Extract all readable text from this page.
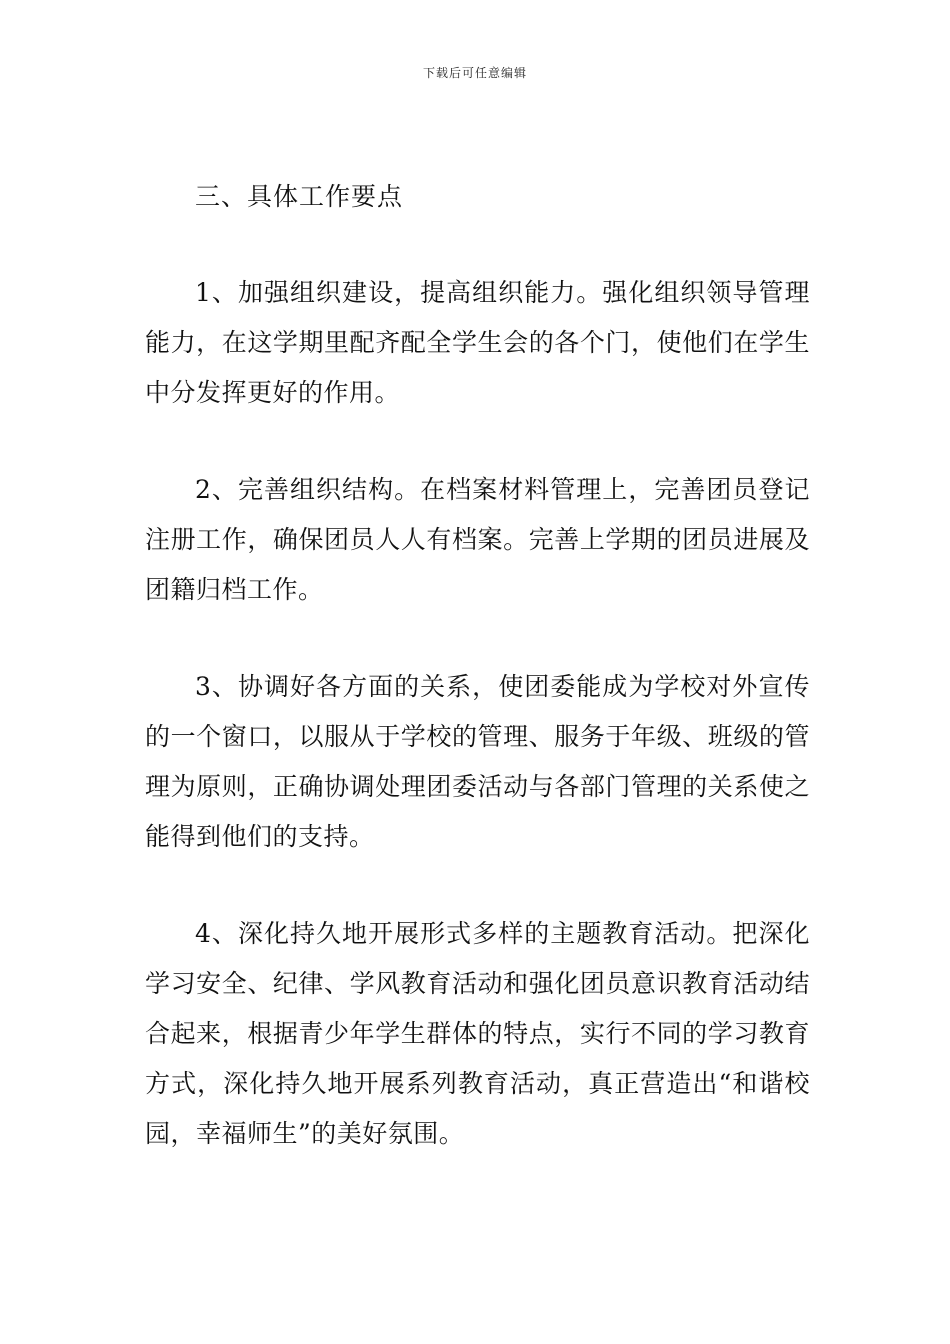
下载后可任意编辑
三、具体工作要点

1、加强组织建设，提高组织能力。强化组织领导管理能力，在这学期里配齐配全学生会的各个门，使他们在学生中分发挥更好的作用。

2、完善组织结构。在档案材料管理上，完善团员登记注册工作，确保团员人人有档案。完善上学期的团员进展及团籍归档工作。

3、协调好各方面的关系，使团委能成为学校对外宣传的一个窗口，以服从于学校的管理、服务于年级、班级的管理为原则，正确协调处理团委活动与各部门管理的关系使之能得到他们的支持。

4、深化持久地开展形式多样的主题教育活动。把深化学习安全、纪律、学风教育活动和强化团员意识教育活动结合起来，根据青少年学生群体的特点，实行不同的学习教育方式，深化持久地开展系列教育活动，真正营造出“和谐校园，幸福师生”的美好氛围。
